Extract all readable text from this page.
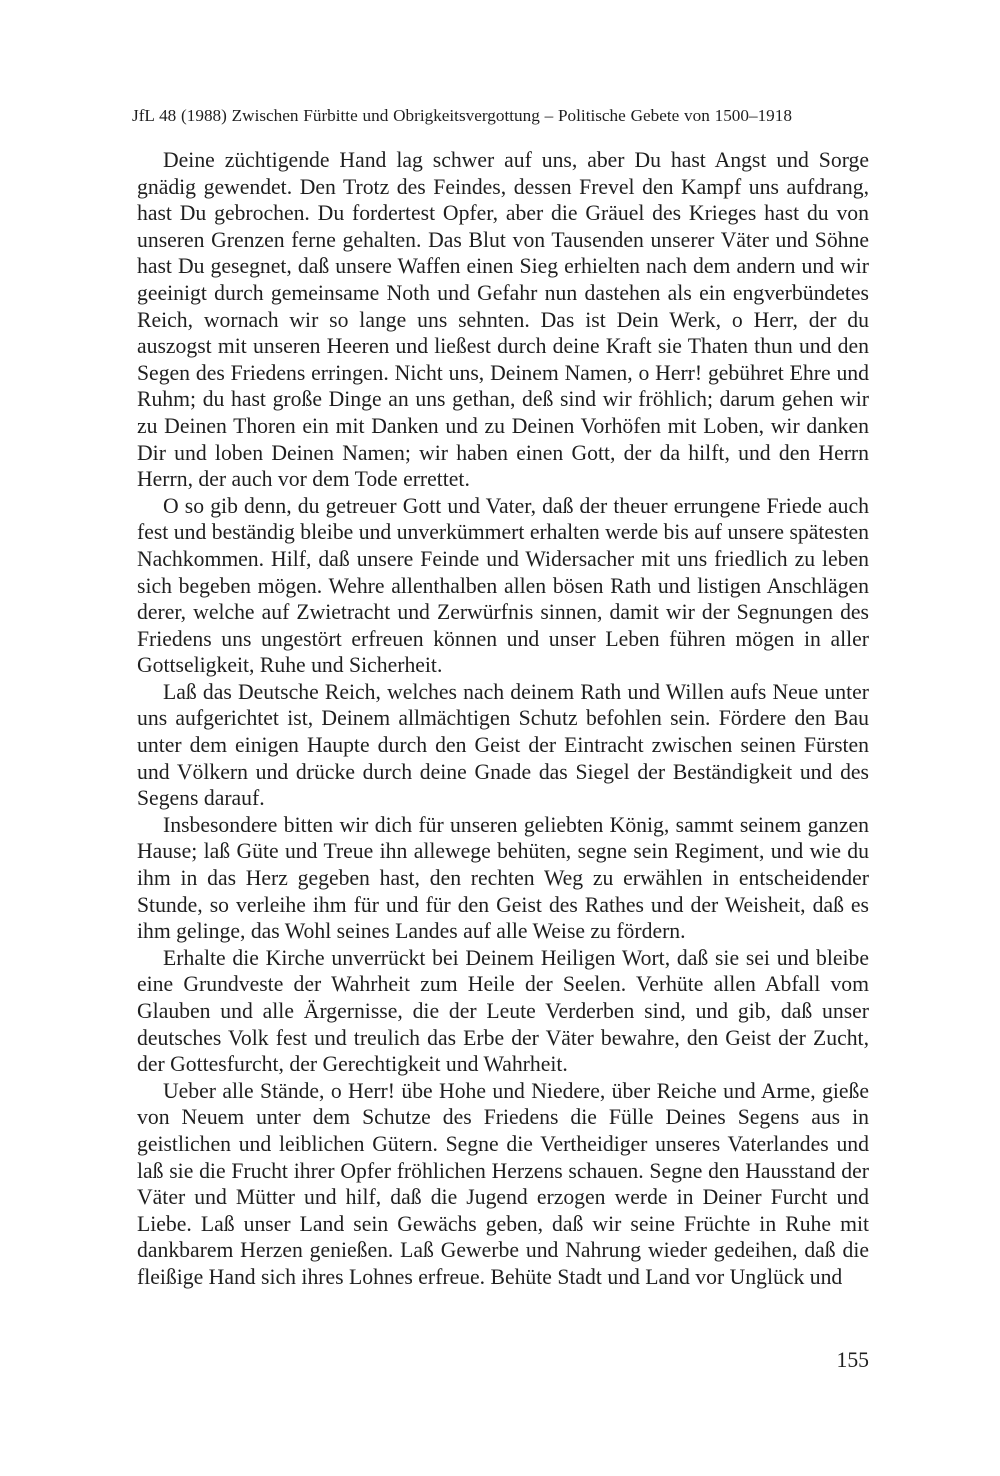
JfL 48 (1988) Zwischen Fürbitte und Obrigkeitsvergottung – Politische Gebete von 1500–1918

Deine züchtigende Hand lag schwer auf uns, aber Du hast Angst und Sorge gnädig gewendet. Den Trotz des Feindes, dessen Frevel den Kampf uns aufdrang, hast Du gebrochen. Du fordertest Opfer, aber die Gräuel des Krieges hast du von unseren Grenzen ferne gehalten. Das Blut von Tausenden unserer Väter und Söhne hast Du gesegnet, daß unsere Waffen einen Sieg erhielten nach dem andern und wir geeinigt durch gemeinsame Noth und Gefahr nun dastehen als ein engverbündetes Reich, wornach wir so lange uns sehnten. Das ist Dein Werk, o Herr, der du auszogst mit unseren Heeren und ließest durch deine Kraft sie Thaten thun und den Segen des Friedens erringen. Nicht uns, Deinem Namen, o Herr! gebühret Ehre und Ruhm; du hast große Dinge an uns gethan, deß sind wir fröhlich; darum gehen wir zu Deinen Thoren ein mit Danken und zu Deinen Vorhöfen mit Loben, wir danken Dir und loben Deinen Namen; wir haben einen Gott, der da hilft, und den Herrn Herrn, der auch vor dem Tode errettet.

O so gib denn, du getreuer Gott und Vater, daß der theuer errungene Friede auch fest und beständig bleibe und unverkümmert erhalten werde bis auf unsere spätesten Nachkommen. Hilf, daß unsere Feinde und Widersacher mit uns friedlich zu leben sich begeben mögen. Wehre allenthalben allen bösen Rath und listigen Anschlägen derer, welche auf Zwietracht und Zerwürfnis sinnen, damit wir der Segnungen des Friedens uns ungestört erfreuen können und unser Leben führen mögen in aller Gottseligkeit, Ruhe und Sicherheit.

Laß das Deutsche Reich, welches nach deinem Rath und Willen aufs Neue unter uns aufgerichtet ist, Deinem allmächtigen Schutz befohlen sein. Fördere den Bau unter dem einigen Haupte durch den Geist der Eintracht zwischen seinen Fürsten und Völkern und drücke durch deine Gnade das Siegel der Beständigkeit und des Segens darauf.

Insbesondere bitten wir dich für unseren geliebten König, sammt seinem ganzen Hause; laß Güte und Treue ihn allewege behüten, segne sein Regiment, und wie du ihm in das Herz gegeben hast, den rechten Weg zu erwählen in entscheidender Stunde, so verleihe ihm für und für den Geist des Rathes und der Weisheit, daß es ihm gelinge, das Wohl seines Landes auf alle Weise zu fördern.

Erhalte die Kirche unverrückt bei Deinem Heiligen Wort, daß sie sei und bleibe eine Grundveste der Wahrheit zum Heile der Seelen. Verhüte allen Abfall vom Glauben und alle Ärgernisse, die der Leute Verderben sind, und gib, daß unser deutsches Volk fest und treulich das Erbe der Väter bewahre, den Geist der Zucht, der Gottesfurcht, der Gerechtigkeit und Wahrheit.

Ueber alle Stände, o Herr! übe Hohe und Niedere, über Reiche und Arme, gieße von Neuem unter dem Schutze des Friedens die Fülle Deines Segens aus in geistlichen und leiblichen Gütern. Segne die Vertheidiger unseres Vaterlandes und laß sie die Frucht ihrer Opfer fröhlichen Herzens schauen. Segne den Hausstand der Väter und Mütter und hilf, daß die Jugend erzogen werde in Deiner Furcht und Liebe. Laß unser Land sein Gewächs geben, daß wir seine Früchte in Ruhe mit dankbarem Herzen genießen. Laß Gewerbe und Nahrung wieder gedeihen, daß die fleißige Hand sich ihres Lohnes erfreue. Behüte Stadt und Land vor Unglück und

155
